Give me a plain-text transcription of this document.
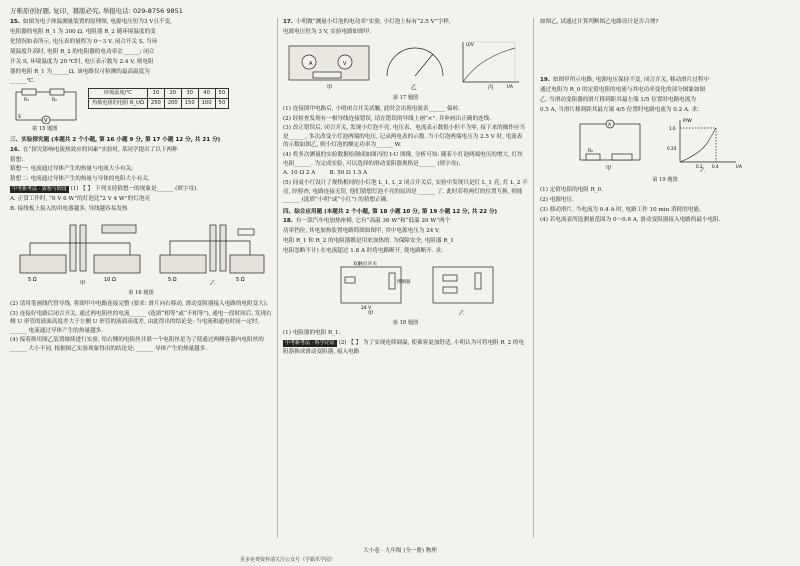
万唯原创好题, 复印、篡版必究, 举报电话: 029-8756 9851

15. 如图为电子体温测量装置的原理图, 电源电压恒为3 V且不变,

电阻器的电阻 R_1 为 300 Ω, 电阻器 R_2 随环境温度的变

化情况如表所示, 电压表的量程为 0～3 V. 闭合开关 S, 当环

境温度升高时, 电阻 R_2 的电阻器的电功率会______; 闭合

开关 S, 环境温度为 20 ℃时, 电压表示数为 2.4 V, 则电阻

器的电阻 R_1 为______Ω, 该电路仅可检测的最高温度为

______℃.

V
R₁	R₂
S
环境温度/℃	10	20	30	40	50
热敏电阻的电阻 R_t/Ω	250	200	150	100	50
第 15 题图

三、实验探究题 (本题共 2 个小题, 第 16 小题 9 分, 第 17 小题 12 分, 共 21 分)

16. 在“探究影响电流热效应的因素”实验时, 某同学提出了以下两种

猜想:

猜想一: 电流通过导体产生的热量与电流大小有关;

猜想二: 电流通过导体产生的热量与导体的电阻大小有关.

中考新考法 · 猜想与假设 (1) 【 】 下列支持猜想一的现象是______ (填字母).

A. 正常工作时, “6 V 6 W”的灯泡比“2 V 4 W”的灯泡亮

B. 接线板上接入的用电器越多, 导线越容易发热

5 Ω	10 Ω	5 Ω	5 Ω
甲	乙
第 16 题图

(2) 请用笔画线代替导线, 将图甲中电路连接完整 (要求: 滑片向右移动, 滑动变阻器接入电路的电阻变大).

(3) 连接好电路后闭合开关, 通过两电阻丝的电流______ (选填“相等”或“不相等”), 通电一段时间后, 发现右侧 U 形管的液面高度差大于左侧 U 形管的液面高度差, 由此得出的结论是: 当电流和通电时间一定时, ______ 电流通过导体产生的热量越多.

(4) 接着换用图乙装置继续进行实验, 给右侧的电阻丝并联一个电阻丝是为了使通过两侧容器内电阻丝的______ 大小不同, 根据图乙实验现象得出的结论是: ______ 导体产生的热量越多.

17. 小明做“测量小灯泡的电功率”实验, 小灯泡上标有“2.5 V”字样,

电源电压恒为 3 V, 实验电路如图甲.

A	V
U/V
I/A
甲	乙	丙
第 17 题图

(1) 连接图甲电路后, 小明闭合开关试触, 此时会出现电流表______ 偏转.

(2) 经检查发现有一根导线连接错误, 请在错误的导线上画“×”, 并补画出正确的连线.

(3) 改正错误后, 闭合开关, 发现小灯泡不亮, 电压表、电流表示数很小但不为零, 接下来的操作应当是______, 多次改变小灯泡两端的电压, 记录两电表的示数. 当小灯泡两端电压为 2.5 V 时, 电流表的示数如图乙, 则小灯泡的额定功率为______ W.

(4) 将多次测量的实验数据绘制成如图丙的 I-U 图像, 分析可知: 随着小灯泡两端电压的增大, 灯丝电阻______. 为完成实验, 可以选择的滑动变阻器规格是______ (填字母).

A. 10 Ω 2 A	B. 50 Ω 1.5 A

(5) 同桌小红设计了规格相同的小灯泡 L_1, L_2 闭合开关后, 实验中发现只是灯 L_1 亮, 灯 L_2 不亮, 经检查, 电路连接无误, 他们猜想灯泡不亮的原因是 ______ 了. 此时若将两灯的位置互换, 则能______ (选填“小明”或“小红”) 的猜想正确.

四、综合应用题 (本题共 2 个小题, 第 18 小题 10 分, 第 19 小题 12 分, 共 22 分)

18. 有一款汽车电加热座椅, 它有“高温 36 W”和“低温 20 W”两个

功率挡位, 其电加热装置电路简图如图甲, 其中电源电压为 24 V,

电阻 R_1 和 R_2 的电阻器都是用来加热的. 为保障安全, 电阻器 R_1

电阻忽略不计) 在电流超过 1.8 A 时将电路断开, 使电路断开. 求:

双触点开关
熔断器
24 V
甲	乙
第 18 题图

(1) 电阻器的电阻 R_1.

中考新考法 · 科学论证 (2) 【 】 为了实现连续调温, 使乘客更加舒适, 小明认为可将电阻 R_2 的电阻器换成滑动变阻器, 接入电路

如图乙, 试通过计算判断图乙电路设计是否合理?

19. 如图甲所示电路, 电源电压保持不变, 闭合开关, 移动滑片过程中

通过电阻为 R_0 的定值电阻的电流与其电功率变化的部分图象如图

乙. 当滑动变阻器的滑片移到距其最左端 1/5 位置时电路电流为

0.5 A, 当滑片移到距其最左端 4/5 位置时电路电流为 0.2 A. 求:

A
R₀
P/W
I/A
1.6
0.24
0.2 0.4
甲	乙
第 19 题图

(1) 定值电阻的电阻 R_0.

(2) 电源电压.

(3) 移动滑片, 当电流为 0.4 A 时, 电路工作 10 min 消耗的电能.

(4) 若电流表所选测量范围为 0～0.6 A, 滑动变阻器接入电路的最小电阻.

大小卷 · 九年级 (全一册) 物理
更多免费资料请关注公众号《学霸乐学园》
